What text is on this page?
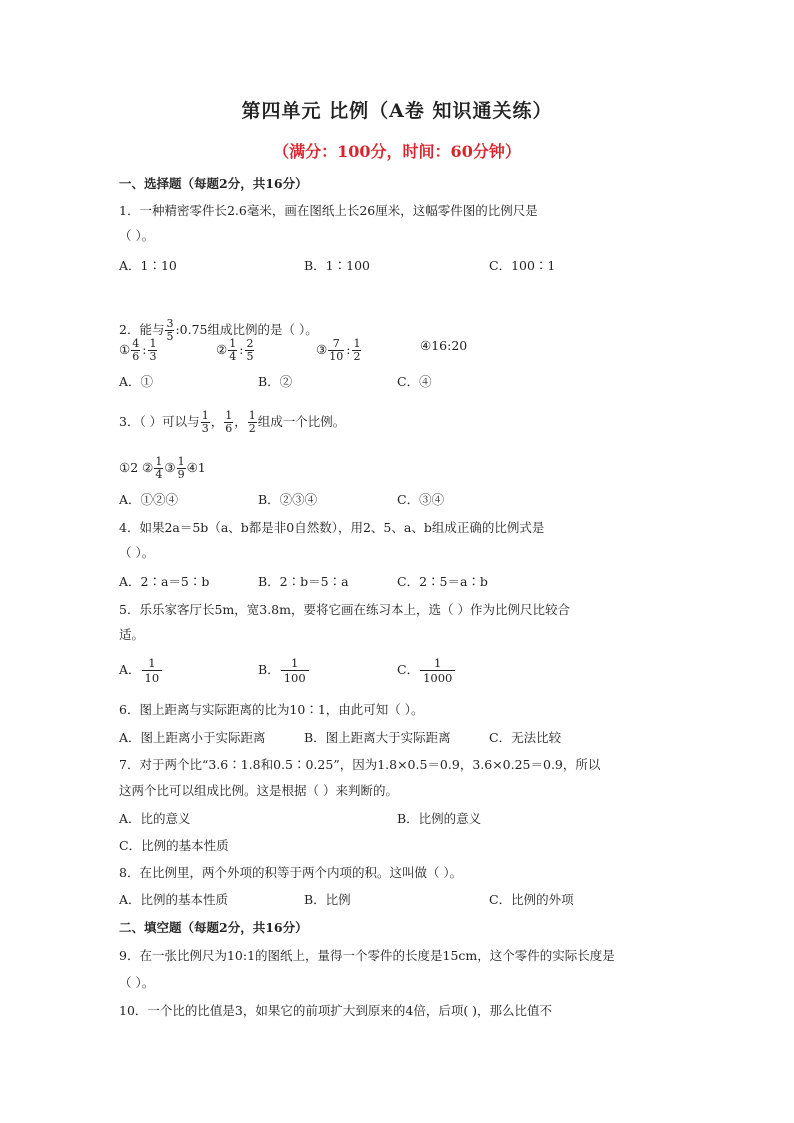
第四单元 比例（A卷 知识通关练）
（满分：100分，时间：60分钟）
一、选择题（每题2分，共16分）
1．一种精密零件长2.6毫米，画在图纸上长26厘米，这幅零件图的比例尺是
（ ）。
A．1∶10	B．1∶100	C．100∶1
2．能与 $\frac{3}{5}$ :0.75组成比例的是（ ）。
① $\frac{4}{6}$ : $\frac{1}{3}$	② $\frac{1}{4}$ : $\frac{2}{5}$	③ $\frac{7}{10}$ : $\frac{1}{2}$	④16:20
A．①	B．②	C．④
3．（ ）可以与 $\frac{1}{3}$ ， $\frac{1}{6}$ ， $\frac{1}{2}$ 组成一个比例。
①2 ② $\frac{1}{4}$ ③ $\frac{1}{9}$ ④1
A．①②④	B．②③④	C．③④
4．如果2a＝5b（a、b都是非0自然数），用2、5、a、b组成正确的比例式是
（ ）。
A．2∶a＝5∶b	B．2∶b＝5∶a	C．2∶5＝a∶b
5．乐乐家客厅长5m，宽3.8m，要将它画在练习本上，选（ ）作为比例尺比较合
适。
A． $\frac{1}{10}$	B． $\frac{1}{100}$	C． $\frac{1}{1000}$
6．图上距离与实际距离的比为10∶1，由此可知（ ）。
A．图上距离小于实际距离	B．图上距离大于实际距离	C．无法比较
7．对于两个比“3.6∶1.8和0.5∶0.25”，因为1.8×0.5＝0.9，3.6×0.25＝0.9，所以
这两个比可以组成比例。这是根据（ ）来判断的。
A．比的意义	B．比例的意义
C．比例的基本性质
8．在比例里，两个外项的积等于两个内项的积。这叫做（ ）。
A．比例的基本性质	B．比例	C．比例的外项
二、填空题（每题2分，共16分）
9．在一张比例尺为10:1的图纸上，量得一个零件的长度是15cm，这个零件的实际长度是
（ ）。
10．一个比的比值是3，如果它的前项扩大到原来的4倍，后项( )，那么比值不
